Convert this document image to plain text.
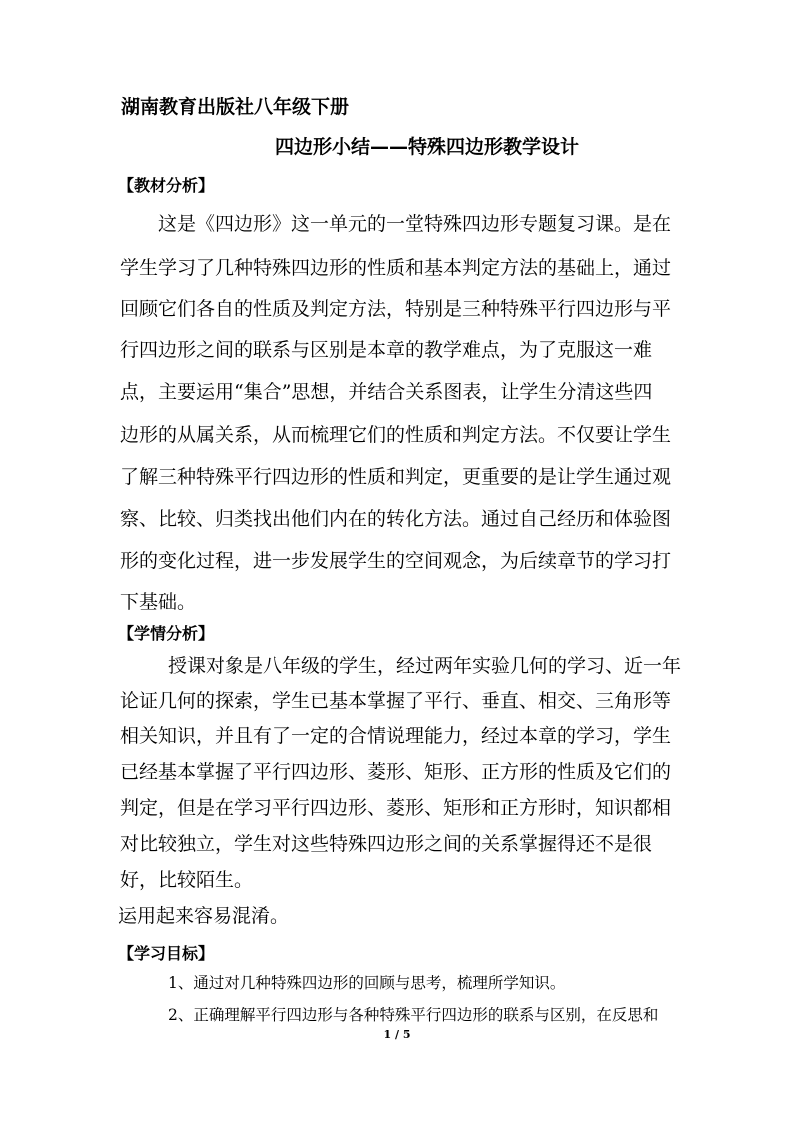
湖南教育出版社八年级下册
四边形小结——特殊四边形教学设计
【教材分析】
这是《四边形》这一单元的一堂特殊四边形专题复习课。是在
学生学习了几种特殊四边形的性质和基本判定方法的基础上，通过
回顾它们各自的性质及判定方法，特别是三种特殊平行四边形与平
行四边形之间的联系与区别是本章的教学难点，为了克服这一难
点，主要运用“集合”思想，并结合关系图表，让学生分清这些四
边形的从属关系，从而梳理它们的性质和判定方法。不仅要让学生
了解三种特殊平行四边形的性质和判定，更重要的是让学生通过观
察、比较、归类找出他们内在的转化方法。通过自己经历和体验图
形的变化过程，进一步发展学生的空间观念，为后续章节的学习打
下基础。
【学情分析】
授课对象是八年级的学生，经过两年实验几何的学习、近一年
论证几何的探索，学生已基本掌握了平行、垂直、相交、三角形等
相关知识，并且有了一定的合情说理能力，经过本章的学习，学生
已经基本掌握了平行四边形、菱形、矩形、正方形的性质及它们的
判定，但是在学习平行四边形、菱形、矩形和正方形时，知识都相
对比较独立，学生对这些特殊四边形之间的关系掌握得还不是很
好，比较陌生。
运用起来容易混淆。
【学习目标】
1、通过对几种特殊四边形的回顾与思考，梳理所学知识。
2、正确理解平行四边形与各种特殊平行四边形的联系与区别，在反思和
1 / 5
